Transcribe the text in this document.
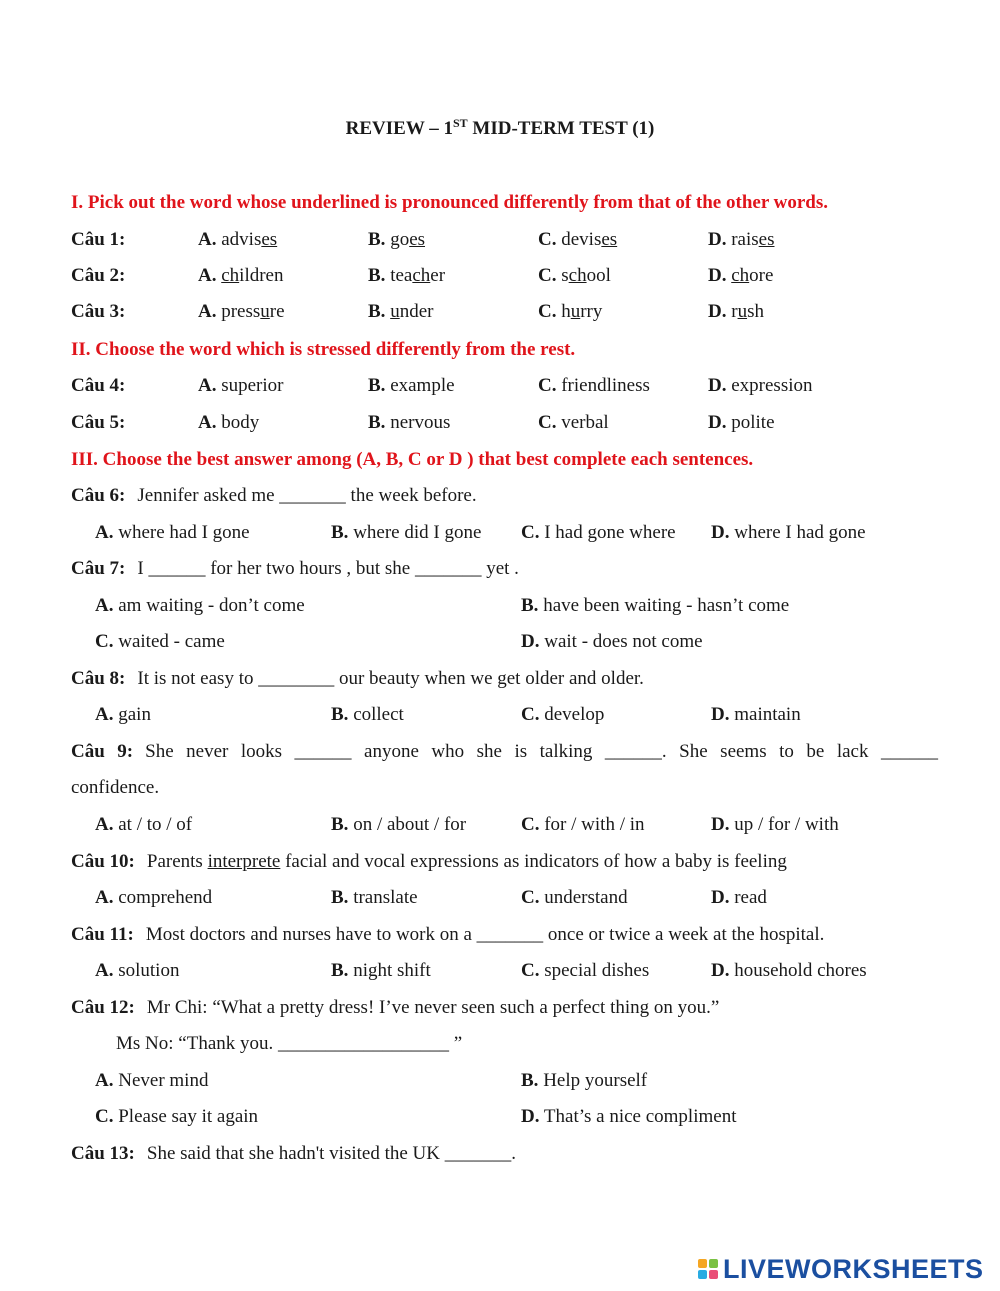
REVIEW – 1ST MID-TERM TEST (1)
I. Pick out the word whose underlined is pronounced differently from that of the other words.
Câu 1:	A. advises	B. goes	C. devises	D. raises
Câu 2:	A. children	B. teacher	C. school	D. chore
Câu 3:	A. pressure	B. under	C. hurry	D. rush
II. Choose the word which is stressed differently from the rest.
Câu 4:	A. superior	B. example	C. friendliness	D. expression
Câu 5:	A. body	B. nervous	C. verbal	D. polite
III. Choose the best answer among (A, B, C or D ) that best complete each sentences.
Câu 6: Jennifer asked me _______ the week before.
A. where had I gone	B. where did I gone C. I had gone where D. where I had gone
Câu 7: I ______ for her two hours , but she _______ yet .
A. am waiting - don’t come	B. have been waiting - hasn’t come
C. waited - came	D. wait - does not come
Câu 8: It is not easy to ________ our beauty when we get older and older.
A. gain	B. collect	C. develop	D. maintain
Câu 9: She never looks ______ anyone who she is talking ______. She seems to be lack ______
confidence.
A. at / to / of	B. on / about / for	C. for / with / in	D. up / for / with
Câu 10: Parents interprete facial and vocal expressions as indicators of how a baby is feeling
A. comprehend	B. translate	C. understand	D. read
Câu 11: Most doctors and nurses have to work on a _______ once or twice a week at the hospital.
A. solution	B. night shift	C. special dishes	D. household chores
Câu 12: Mr Chi: “What a pretty dress! I’ve never seen such a perfect thing on you.”
Ms No: “Thank you. __________________ ”
A. Never mind	B. Help yourself
C. Please say it again	D. That’s a nice compliment
Câu 13: She said that she hadn't visited the UK _______.
LIVEWORKSHEETS
